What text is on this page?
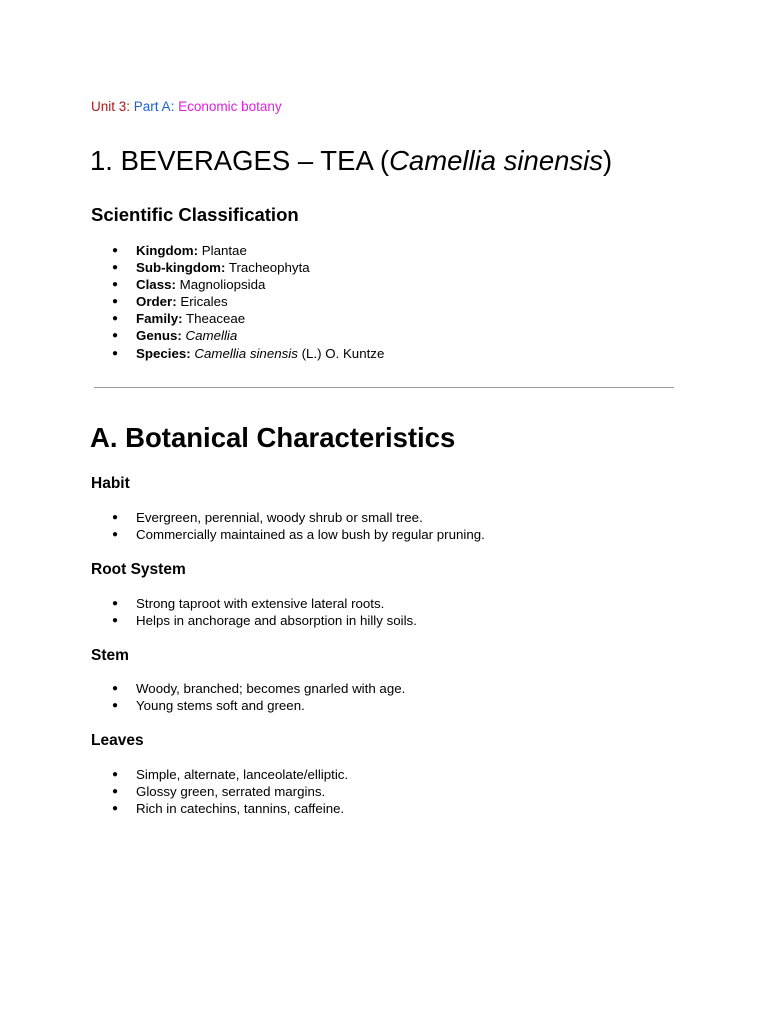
Unit 3: Part A: Economic botany
1. BEVERAGES – TEA (Camellia sinensis)
Scientific Classification
● Kingdom: Plantae
● Sub-kingdom: Tracheophyta
● Class: Magnoliopsida
● Order: Ericales
● Family: Theaceae
● Genus: Camellia
● Species: Camellia sinensis (L.) O. Kuntze
A. Botanical Characteristics
Habit
● Evergreen, perennial, woody shrub or small tree.
● Commercially maintained as a low bush by regular pruning.
Root System
● Strong taproot with extensive lateral roots.
● Helps in anchorage and absorption in hilly soils.
Stem
● Woody, branched; becomes gnarled with age.
● Young stems soft and green.
Leaves
● Simple, alternate, lanceolate/elliptic.
● Glossy green, serrated margins.
● Rich in catechins, tannins, caffeine.
